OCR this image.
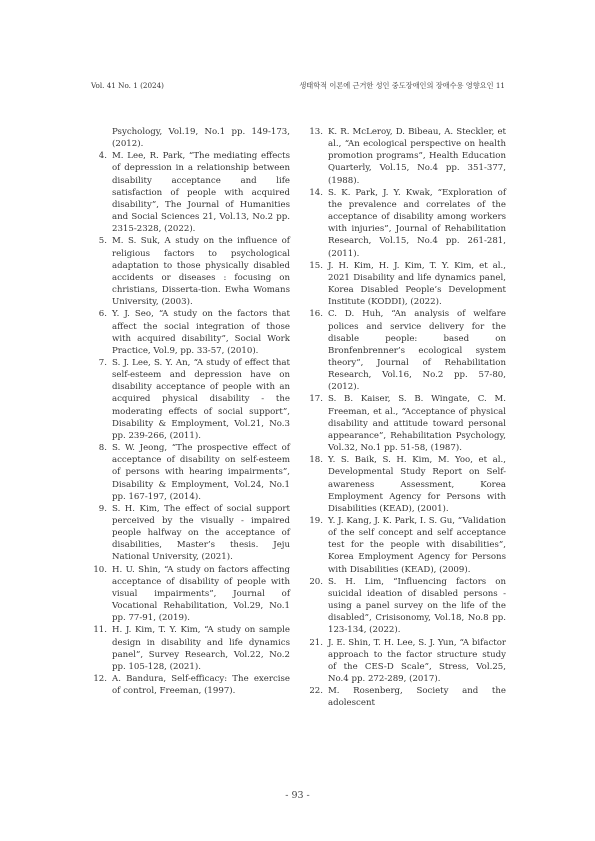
Vol. 41 No. 1 (2024)	생태학적 이론에 근거한 성인 중도장애인의 장애수용 영향요인 11

Psychology, Vol.19, No.1 pp. 149-173, (2012).

4. M. Lee, R. Park, “The mediating effects of depression in a relationship between disability acceptance and life satisfaction of people with acquired disability”, The Journal of Humanities and Social Sciences 21, Vol.13, No.2 pp. 2315-2328, (2022).

5. M. S. Suk, A study on the influence of religious factors to psychological adaptation to those physically disabled accidents or diseases : focusing on christians, Disserta-tion. Ewha Womans University, (2003).

6. Y. J. Seo, “A study on the factors that affect the social integration of those with acquired disability”, Social Work Practice, Vol.9, pp. 33-57, (2010).

7. S. J. Lee, S. Y. An, “A study of effect that self-esteem and depression have on disability acceptance of people with an acquired physical disability - the moderating effects of social support”, Disability & Employment, Vol.21, No.3 pp. 239-266, (2011).

8. S. W. Jeong, “The prospective effect of acceptance of disability on self-esteem of persons with hearing impairments”, Disability & Employment, Vol.24, No.1 pp. 167-197, (2014).

9. S. H. Kim, The effect of social support perceived by the visually - impaired people halfway on the acceptance of disabilities, Master’s thesis. Jeju National University, (2021).

10. H. U. Shin, “A study on factors affecting acceptance of disability of people with visual impairments”, Journal of Vocational Rehabilitation, Vol.29, No.1 pp. 77-91, (2019).

11. H. J. Kim, T. Y. Kim, “A study on sample design in disability and life dynamics panel”, Survey Research, Vol.22, No.2 pp. 105-128, (2021).

12. A. Bandura, Self-efficacy: The exercise of control, Freeman, (1997).

13. K. R. McLeroy, D. Bibeau, A. Steckler, et al., “An ecological perspective on health promotion programs”, Health Education Quarterly, Vol.15, No.4 pp. 351-377, (1988).

14. S. K. Park, J. Y. Kwak, “Exploration of the prevalence and correlates of the acceptance of disability among workers with injuries”, Journal of Rehabilitation Research, Vol.15, No.4 pp. 261-281, (2011).

15. J. H. Kim, H. J. Kim, T. Y. Kim, et al., 2021 Disability and life dynamics panel, Korea Disabled People’s Development Institute (KODDI), (2022).

16. C. D. Huh, “An analysis of welfare polices and service delivery for the disable people: based on Bronfenbrenner’s ecological system theory”, Journal of Rehabilitation Research, Vol.16, No.2 pp. 57-80, (2012).

17. S. B. Kaiser, S. B. Wingate, C. M. Freeman, et al., “Acceptance of physical disability and attitude toward personal appearance”, Rehabilitation Psychology, Vol.32, No.1 pp. 51-58, (1987).

18. Y. S. Baik, S. H. Kim, M. Yoo, et al., Developmental Study Report on Self-awareness Assessment, Korea Employment Agency for Persons with Disabilities (KEAD), (2001).

19. Y. J. Kang, J. K. Park, I. S. Gu, “Validation of the self concept and self acceptance test for the people with disabilities”, Korea Employment Agency for Persons with Disabilities (KEAD), (2009).

20. S. H. Lim, “Influencing factors on suicidal ideation of disabled persons - using a panel survey on the life of the disabled”, Crisisonomy, Vol.18, No.8 pp. 123-134, (2022).

21. J. E. Shin, T. H. Lee, S. J. Yun, “A bifactor approach to the factor structure study of the CES-D Scale”, Stress, Vol.25, No.4 pp. 272-289, (2017).

22. M. Rosenberg, Society and the adolescent

- 93 -
